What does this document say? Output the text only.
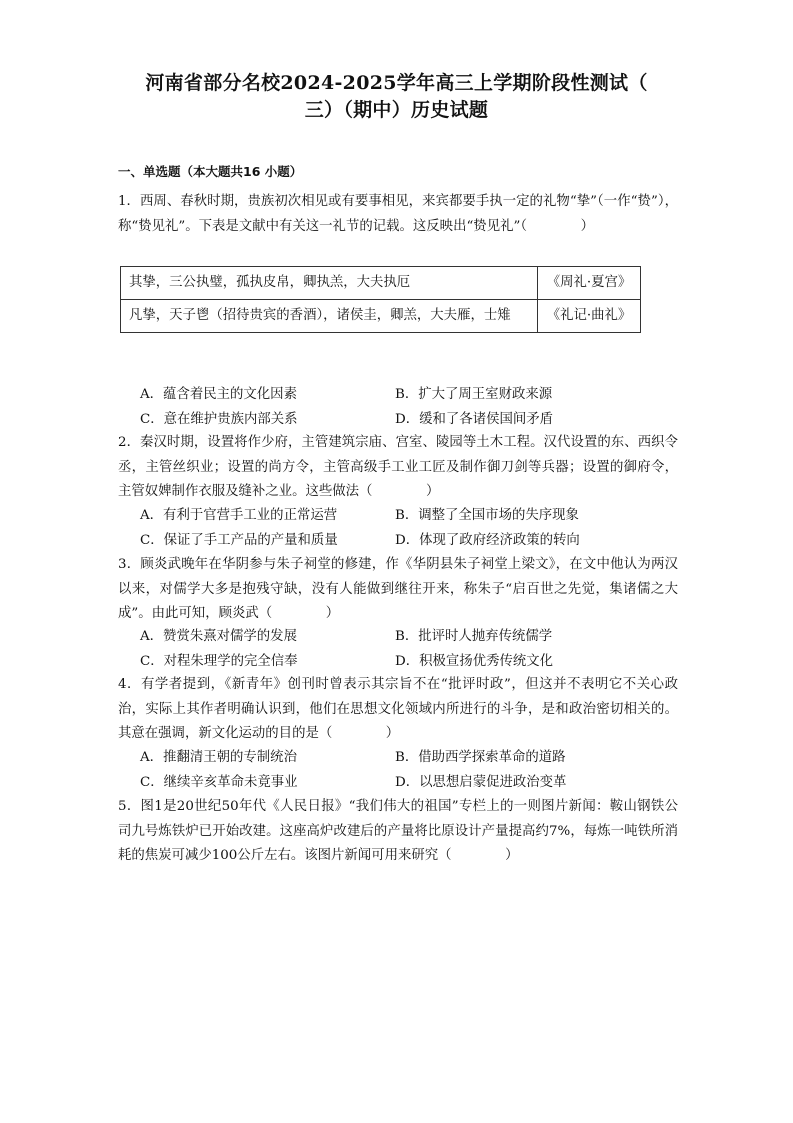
河南省部分名校2024-2025学年高三上学期阶段性测试（
三）（期中）历史试题
一、单选题（本大题共16 小题）
1．西周、春秋时期，贵族初次相见或有要事相见，来宾都要手执一定的礼物“挚”（一作“贽”），称“贽见礼”。下表是文献中有关这一礼节的记载。这反映出“贽见礼”（　　　　）
其挚，三公执璧，孤执皮帛，卿执羔，大夫执厄	《周礼·夏宫》
凡挚，天子鬯（招待贵宾的香酒），诸侯圭，卿羔，大夫雁，士雉	《礼记·曲礼》
A．蕴含着民主的文化因素	B．扩大了周王室财政来源
C．意在维护贵族内部关系	D．缓和了各诸侯国间矛盾
2．秦汉时期，设置将作少府，主管建筑宗庙、宫室、陵园等土木工程。汉代设置的东、西织令丞，主管丝织业；设置的尚方令，主管高级手工业工匠及制作御刀剑等兵器；设置的御府令，主管奴婢制作衣服及缝补之业。这些做法（　　　　）
A．有利于官营手工业的正常运营	B．调整了全国市场的失序现象
C．保证了手工产品的产量和质量	D．体现了政府经济政策的转向
3．顾炎武晚年在华阴参与朱子祠堂的修建，作《华阴县朱子祠堂上梁文》，在文中他认为两汉以来，对儒学大多是抱残守缺，没有人能做到继往开来，称朱子“启百世之先觉，集诸儒之大成”。由此可知，顾炎武（　　　　）
A．赞赏朱熹对儒学的发展	B．批评时人抛弃传统儒学
C．对程朱理学的完全信奉	D．积极宣扬优秀传统文化
4．有学者提到，《新青年》创刊时曾表示其宗旨不在“批评时政”，但这并不表明它不关心政治，实际上其作者明确认识到，他们在思想文化领域内所进行的斗争，是和政治密切相关的。其意在强调，新文化运动的目的是（　　　　）
A．推翻清王朝的专制统治	B．借助西学探索革命的道路
C．继续辛亥革命未竟事业	D．以思想启蒙促进政治变革
5．图1是20世纪50年代《人民日报》“我们伟大的祖国”专栏上的一则图片新闻：鞍山钢铁公司九号炼铁炉已开始改建。这座高炉改建后的产量将比原设计产量提高约7%，每炼一吨铁所消耗的焦炭可减少100公斤左右。该图片新闻可用来研究（　　　　）
